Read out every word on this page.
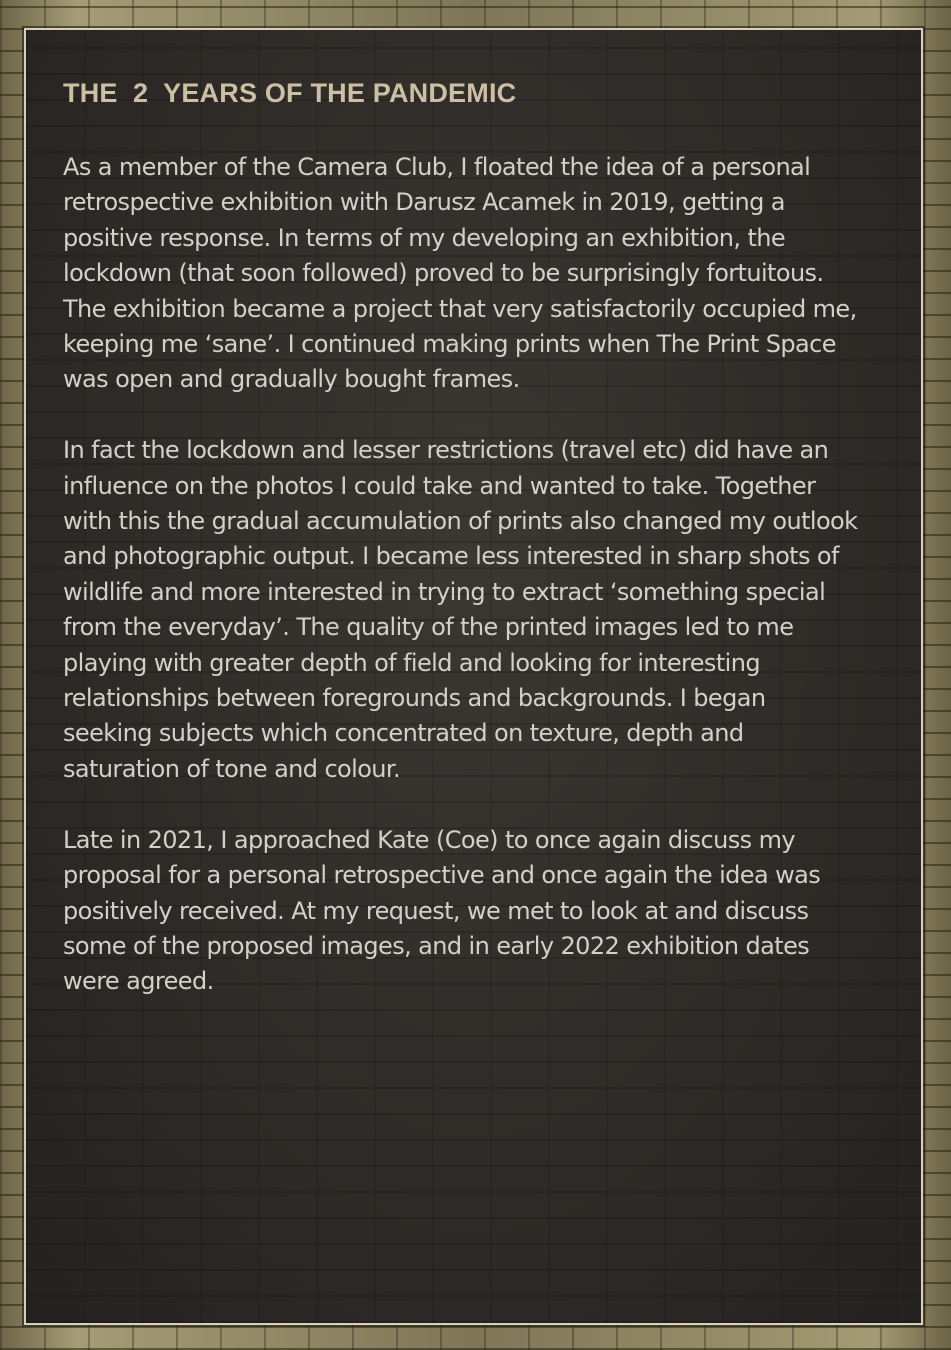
THE  2  YEARS OF THE PANDEMIC

As a member of the Camera Club, I floated the idea of a personal
retrospective exhibition with Darusz Acamek in 2019, getting a
positive response. In terms of my developing an exhibition, the
lockdown (that soon followed) proved to be surprisingly fortuitous.
The exhibition became a project that very satisfactorily occupied me,
keeping me ‘sane’. I continued making prints when The Print Space
was open and gradually bought frames.

In fact the lockdown and lesser restrictions (travel etc) did have an
influence on the photos I could take and wanted to take. Together
with this the gradual accumulation of prints also changed my outlook
and photographic output. I became less interested in sharp shots of
wildlife and more interested in trying to extract ‘something special
from the everyday’. The quality of the printed images led to me
playing with greater depth of field and looking for interesting
relationships between foregrounds and backgrounds. I began
seeking subjects which concentrated on texture, depth and
saturation of tone and colour.

Late in 2021, I approached Kate (Coe) to once again discuss my
proposal for a personal retrospective and once again the idea was
positively received. At my request, we met to look at and discuss
some of the proposed images, and in early 2022 exhibition dates
were agreed.
